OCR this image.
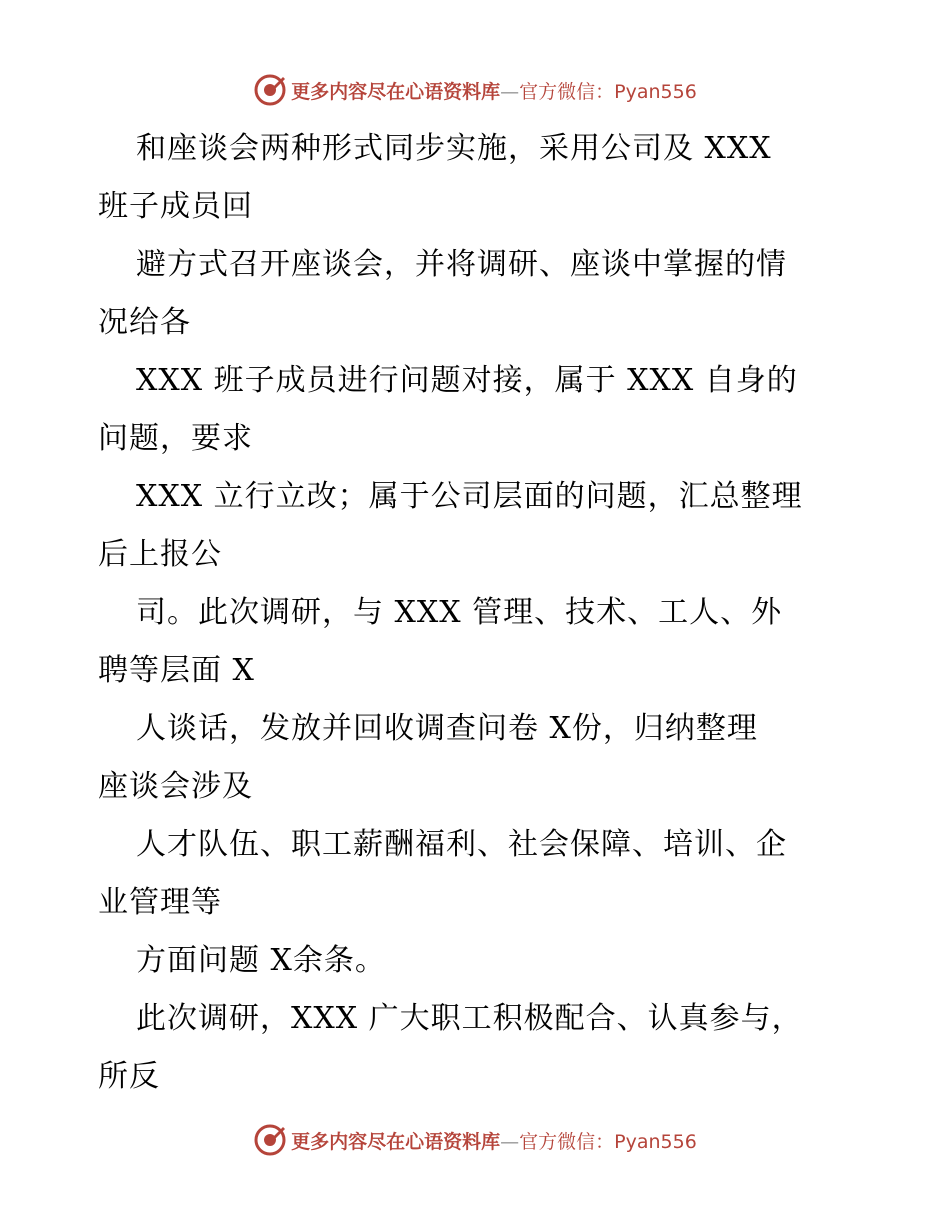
更多内容尽在心语资料库—官方微信：Pyan556
和座谈会两种形式同步实施，采用公司及 XXX
班子成员回
避方式召开座谈会，并将调研、座谈中掌握的情
况给各
XXX 班子成员进行问题对接，属于 XXX 自身的
问题，要求
XXX 立行立改；属于公司层面的问题，汇总整理
后上报公
司。此次调研，与 XXX 管理、技术、工人、外
聘等层面 X
人谈话，发放并回收调查问卷 X份，归纳整理
座谈会涉及
人才队伍、职工薪酬福利、社会保障、培训、企
业管理等
方面问题 X余条。
此次调研，XXX 广大职工积极配合、认真参与，
所反
更多内容尽在心语资料库—官方微信：Pyan556
